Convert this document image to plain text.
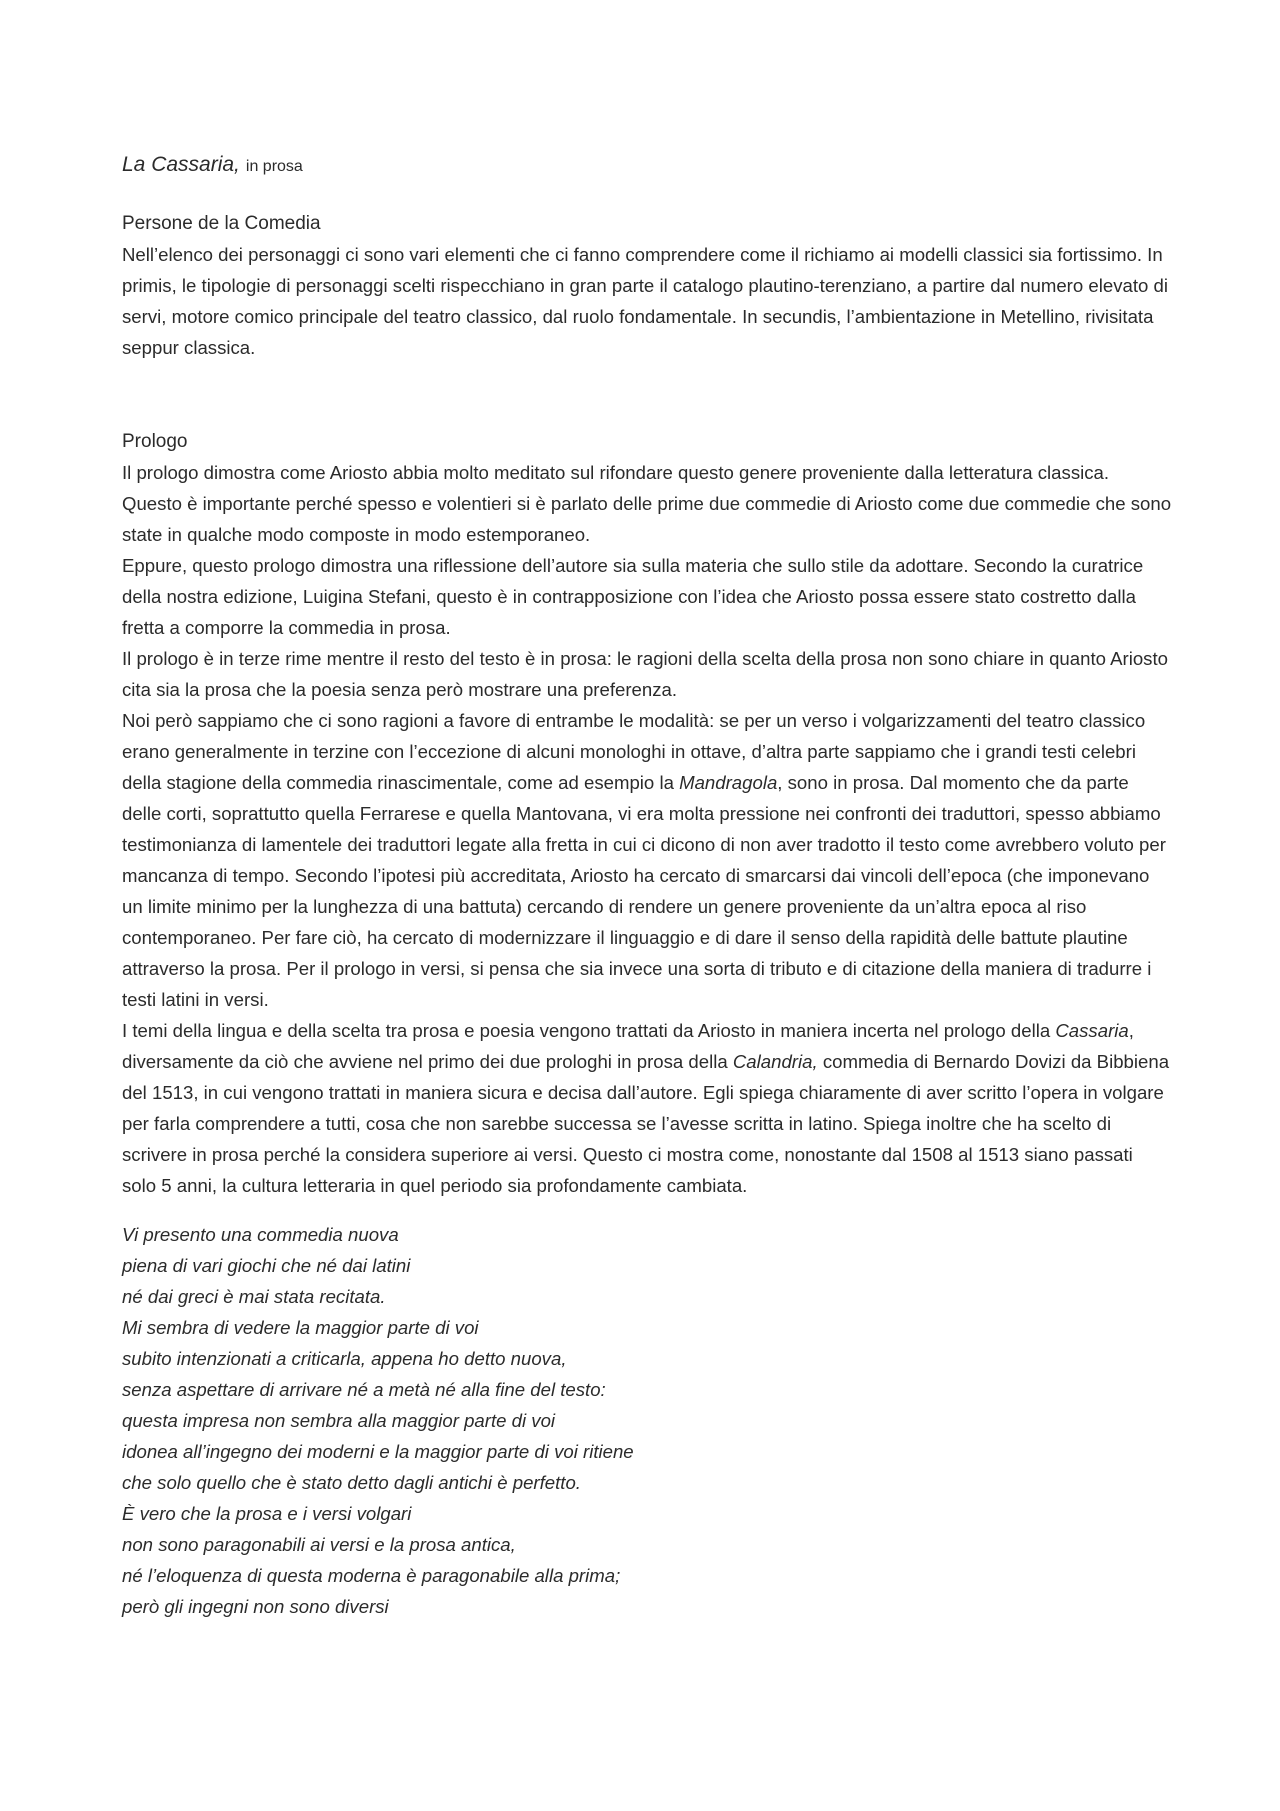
La Cassaria, in prosa
Persone de la Comedia

Nell’elenco dei personaggi ci sono vari elementi che ci fanno comprendere come il richiamo ai modelli classici sia fortissimo. In primis, le tipologie di personaggi scelti rispecchiano in gran parte il catalogo plautino-terenziano, a partire dal numero elevato di servi, motore comico principale del teatro classico, dal ruolo fondamentale. In secundis, l’ambientazione in Metellino, rivisitata seppur classica.

Prologo

Il prologo dimostra come Ariosto abbia molto meditato sul rifondare questo genere proveniente dalla letteratura classica. Questo è importante perché spesso e volentieri si è parlato delle prime due commedie di Ariosto come due commedie che sono state in qualche modo composte in modo estemporaneo.

Eppure, questo prologo dimostra una riflessione dell’autore sia sulla materia che sullo stile da adottare. Secondo la curatrice della nostra edizione, Luigina Stefani, questo è in contrapposizione con l’idea che Ariosto possa essere stato costretto dalla fretta a comporre la commedia in prosa.

Il prologo è in terze rime mentre il resto del testo è in prosa: le ragioni della scelta della prosa non sono chiare in quanto Ariosto cita sia la prosa che la poesia senza però mostrare una preferenza.

Noi però sappiamo che ci sono ragioni a favore di entrambe le modalità: se per un verso i volgarizzamenti del teatro classico erano generalmente in terzine con l’eccezione di alcuni monologhi in ottave, d’altra parte sappiamo che i grandi testi celebri della stagione della commedia rinascimentale, come ad esempio la Mandragola, sono in prosa. Dal momento che da parte delle corti, soprattutto quella Ferrarese e quella Mantovana, vi era molta pressione nei confronti dei traduttori, spesso abbiamo testimonianza di lamentele dei traduttori legate alla fretta in cui ci dicono di non aver tradotto il testo come avrebbero voluto per mancanza di tempo. Secondo l’ipotesi più accreditata, Ariosto ha cercato di smarcarsi dai vincoli dell’epoca (che imponevano un limite minimo per la lunghezza di una battuta) cercando di rendere un genere proveniente da un’altra epoca al riso contemporaneo. Per fare ciò, ha cercato di modernizzare il linguaggio e di dare il senso della rapidità delle battute plautine attraverso la prosa. Per il prologo in versi, si pensa che sia invece una sorta di tributo e di citazione della maniera di tradurre i testi latini in versi.

I temi della lingua e della scelta tra prosa e poesia vengono trattati da Ariosto in maniera incerta nel prologo della Cassaria, diversamente da ciò che avviene nel primo dei due prologhi in prosa della Calandria, commedia di Bernardo Dovizi da Bibbiena del 1513, in cui vengono trattati in maniera sicura e decisa dall’autore. Egli spiega chiaramente di aver scritto l’opera in volgare per farla comprendere a tutti, cosa che non sarebbe successa se l’avesse scritta in latino. Spiega inoltre che ha scelto di scrivere in prosa perché la considera superiore ai versi. Questo ci mostra come, nonostante dal 1508 al 1513 siano passati solo 5 anni, la cultura letteraria in quel periodo sia profondamente cambiata.

Vi presento una commedia nuova

piena di vari giochi che né dai latini

né dai greci è mai stata recitata.

Mi sembra di vedere la maggior parte di voi

subito intenzionati a criticarla, appena ho detto nuova,

senza aspettare di arrivare né a metà né alla fine del testo:

questa impresa non sembra alla maggior parte di voi

idonea all’ingegno dei moderni e la maggior parte di voi ritiene

che solo quello che è stato detto dagli antichi è perfetto.

È vero che la prosa e i versi volgari

non sono paragonabili ai versi e la prosa antica,

né l’eloquenza di questa moderna è paragonabile alla prima;

però gli ingegni non sono diversi
